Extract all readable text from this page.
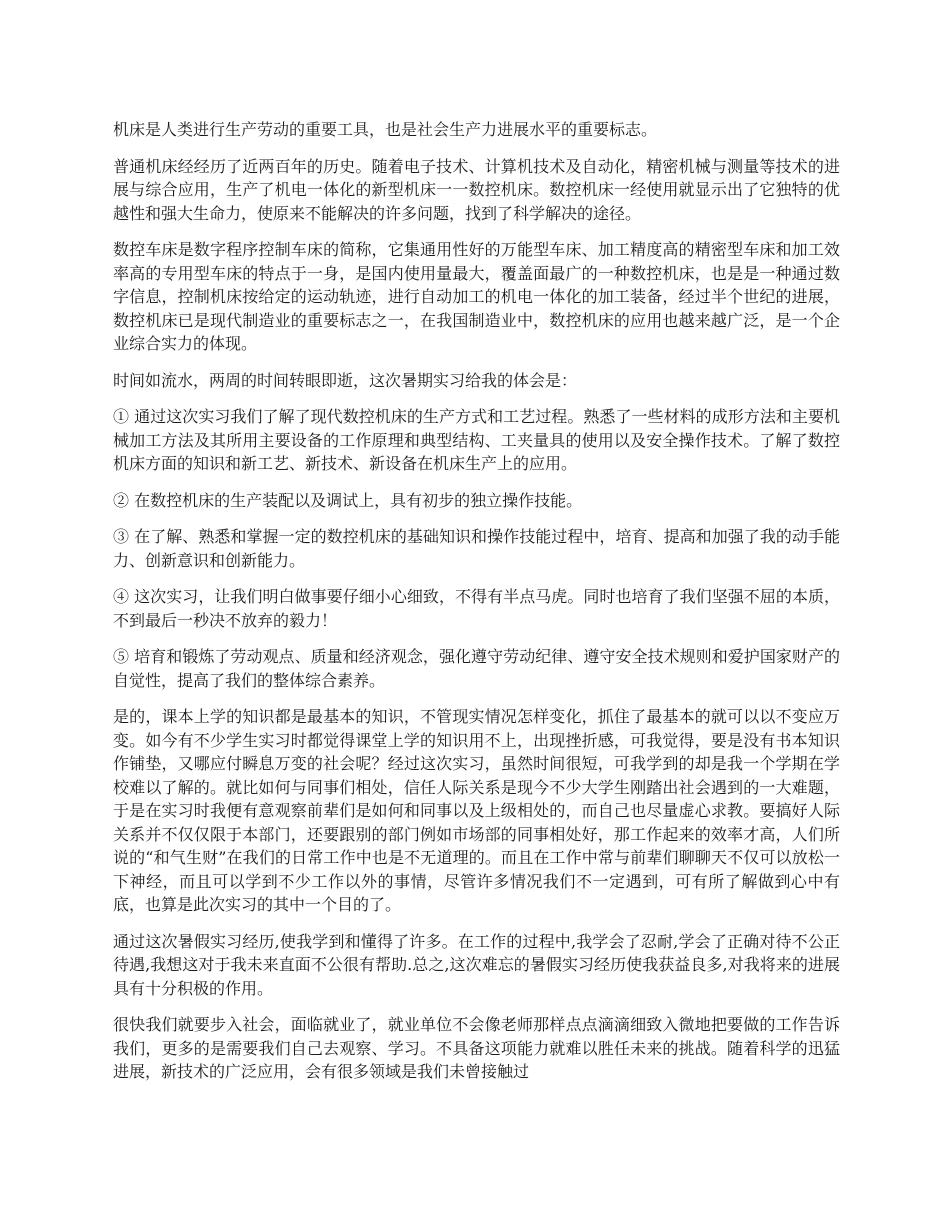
机床是人类进行生产劳动的重要工具，也是社会生产力进展水平的重要标志。

普通机床经经历了近两百年的历史。随着电子技术、计算机技术及自动化，精密机械与测量等技术的进展与综合应用，生产了机电一体化的新型机床一一数控机床。数控机床一经使用就显示出了它独特的优越性和强大生命力，使原来不能解决的许多问题，找到了科学解决的途径。

数控车床是数字程序控制车床的简称，它集通用性好的万能型车床、加工精度高的精密型车床和加工效率高的专用型车床的特点于一身，是国内使用量最大，覆盖面最广的一种数控机床，也是是一种通过数字信息，控制机床按给定的运动轨迹，进行自动加工的机电一体化的加工装备，经过半个世纪的进展，数控机床已是现代制造业的重要标志之一，在我国制造业中，数控机床的应用也越来越广泛，是一个企业综合实力的体现。

时间如流水，两周的时间转眼即逝，这次暑期实习给我的体会是：

① 通过这次实习我们了解了现代数控机床的生产方式和工艺过程。熟悉了一些材料的成形方法和主要机械加工方法及其所用主要设备的工作原理和典型结构、工夹量具的使用以及安全操作技术。了解了数控机床方面的知识和新工艺、新技术、新设备在机床生产上的应用。

② 在数控机床的生产装配以及调试上，具有初步的独立操作技能。

③ 在了解、熟悉和掌握一定的数控机床的基础知识和操作技能过程中，培育、提高和加强了我的动手能力、创新意识和创新能力。

④ 这次实习，让我们明白做事要仔细小心细致，不得有半点马虎。同时也培育了我们坚强不屈的本质，不到最后一秒决不放弃的毅力！

⑤ 培育和锻炼了劳动观点、质量和经济观念，强化遵守劳动纪律、遵守安全技术规则和爱护国家财产的自觉性，提高了我们的整体综合素养。

是的，课本上学的知识都是最基本的知识，不管现实情况怎样变化，抓住了最基本的就可以以不变应万变。如今有不少学生实习时都觉得课堂上学的知识用不上，出现挫折感，可我觉得，要是没有书本知识作铺垫，又哪应付瞬息万变的社会呢？经过这次实习，虽然时间很短，可我学到的却是我一个学期在学校难以了解的。就比如何与同事们相处，信任人际关系是现今不少大学生刚踏出社会遇到的一大难题，于是在实习时我便有意观察前辈们是如何和同事以及上级相处的，而自己也尽量虚心求教。要搞好人际关系并不仅仅限于本部门，还要跟别的部门例如市场部的同事相处好，那工作起来的效率才高，人们所说的“和气生财”在我们的日常工作中也是不无道理的。而且在工作中常与前辈们聊聊天不仅可以放松一下神经，而且可以学到不少工作以外的事情，尽管许多情况我们不一定遇到，可有所了解做到心中有底，也算是此次实习的其中一个目的了。

通过这次暑假实习经历,使我学到和懂得了许多。在工作的过程中,我学会了忍耐,学会了正确对待不公正待遇,我想这对于我未来直面不公很有帮助.总之,这次难忘的暑假实习经历使我获益良多,对我将来的进展具有十分积极的作用。

很快我们就要步入社会，面临就业了，就业单位不会像老师那样点点滴滴细致入微地把要做的工作告诉我们，更多的是需要我们自己去观察、学习。不具备这项能力就难以胜任未来的挑战。随着科学的迅猛进展，新技术的广泛应用，会有很多领域是我们未曾接触过
